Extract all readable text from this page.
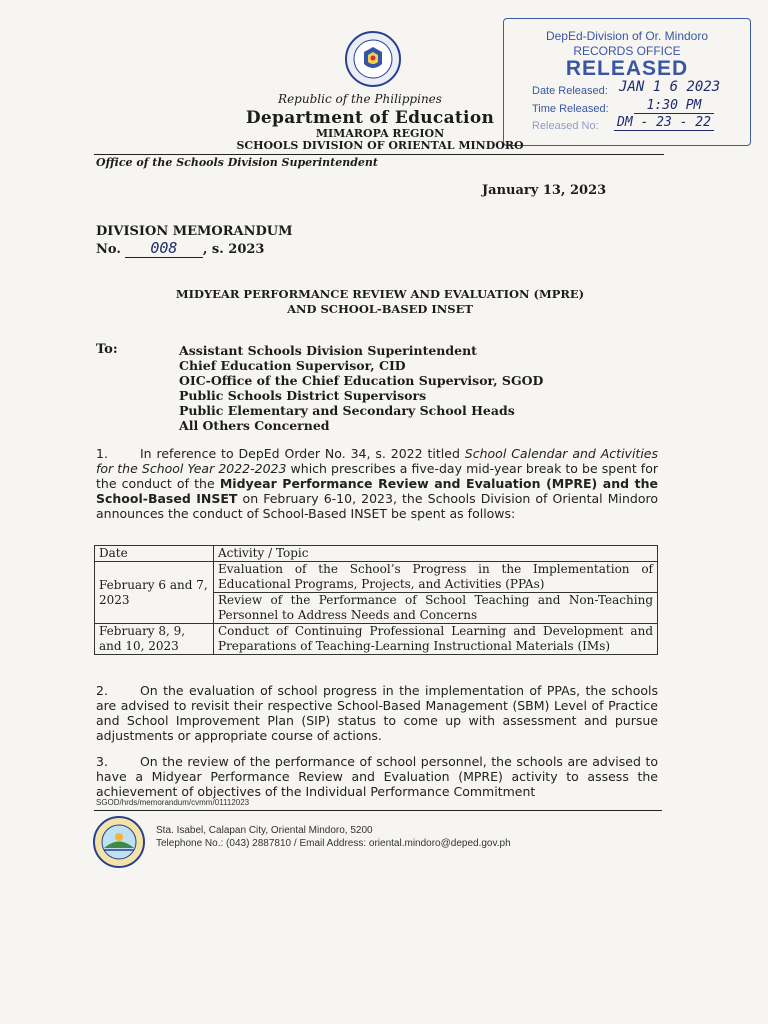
DepEd-Division of Or. Mindoro
RECORDS OFFICE
RELEASED
Date Released: JAN 1 6 2023
Time Released:	1:30 PM
Released No: DM - 23 - 22
Republic of the Philippines
Department of Education
MIMAROPA REGION
SCHOOLS DIVISION OF ORIENTAL MINDORO
Office of the Schools Division Superintendent
January 13, 2023
DIVISION MEMORANDUM
No. 008 , s. 2023
MIDYEAR PERFORMANCE REVIEW AND EVALUATION (MPRE)
AND SCHOOL-BASED INSET
To:	Assistant Schools Division Superintendent
Chief Education Supervisor, CID
OIC-Office of the Chief Education Supervisor, SGOD
Public Schools District Supervisors
Public Elementary and Secondary School Heads
All Others Concerned
1.	In reference to DepEd Order No. 34, s. 2022 titled School Calendar and Activities for the School Year 2022-2023 which prescribes a five-day mid-year break to be spent for the conduct of the Midyear Performance Review and Evaluation (MPRE) and the School-Based INSET on February 6-10, 2023, the Schools Division of Oriental Mindoro announces the conduct of School-Based INSET be spent as follows:
Date	Activity / Topic
February 6 and 7, 2023	Evaluation of the School’s Progress in the Implementation of Educational Programs, Projects, and Activities (PPAs)
	Review of the Performance of School Teaching and Non-Teaching Personnel to Address Needs and Concerns
February 8, 9, and 10, 2023	Conduct of Continuing Professional Learning and Development and Preparations of Teaching-Learning Instructional Materials (IMs)
2.	On the evaluation of school progress in the implementation of PPAs, the schools are advised to revisit their respective School-Based Management (SBM) Level of Practice and School Improvement Plan (SIP) status to come up with assessment and pursue adjustments or appropriate course of actions.
3.	On the review of the performance of school personnel, the schools are advised to have a Midyear Performance Review and Evaluation (MPRE) activity to assess the achievement of objectives of the Individual Performance Commitment
SGOD/hrds/memorandum/cvmm/01112023
Sta. Isabel, Calapan City, Oriental Mindoro, 5200
Telephone No.: (043) 2887810 / Email Address: oriental.mindoro@deped.gov.ph
